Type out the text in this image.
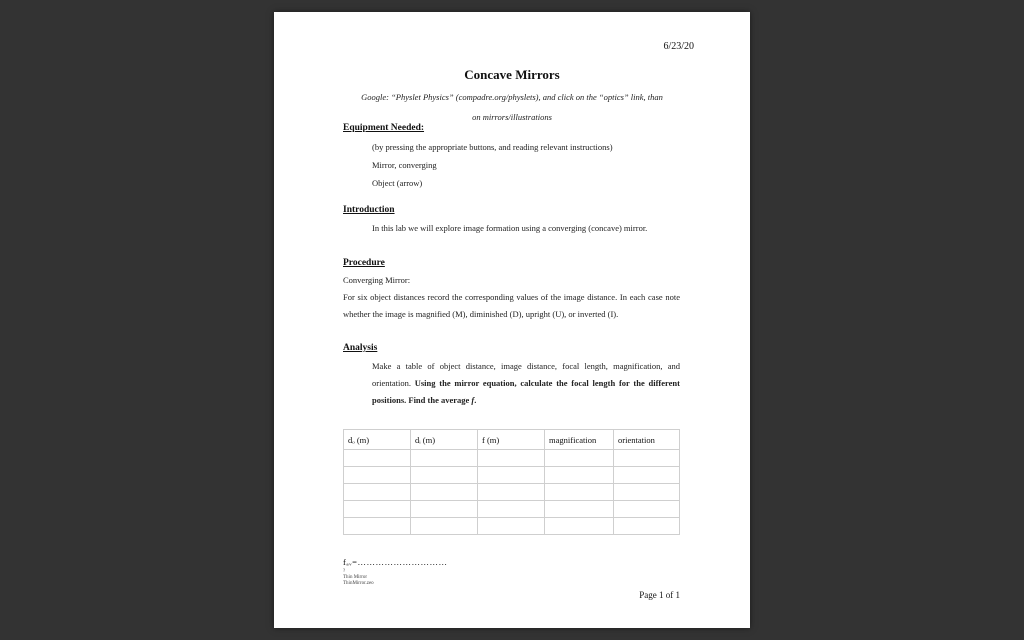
6/23/20
Concave Mirrors
Google: “Physlet Physics” (compadre.org/physlets), and click on the “optics” link, than
on mirrors/illustrations
Equipment Needed:
(by pressing the appropriate buttons, and reading relevant instructions)
Mirror, converging
Object (arrow)
Introduction
In this lab we will explore image formation using a converging (concave) mirror.
Procedure
Converging Mirror:
For six object distances record the corresponding values of the image distance. In each case note whether the image is magnified (M), diminished (D), upright (U), or inverted (I).
Analysis
Make a table of object distance, image distance, focal length, magnification, and orientation. Using the mirror equation, calculate the focal length for the different positions. Find the average f.
dₒ (m)	dᵢ (m)	f (m)	magnification	orientation

fₐᵥ=…………………………
?
Thin Mirror
ThinMirror.zeo
Page 1 of 1
